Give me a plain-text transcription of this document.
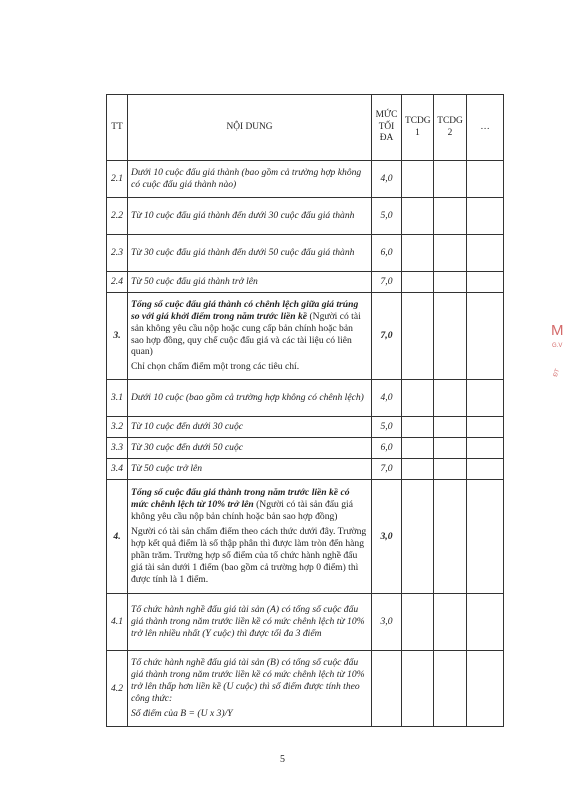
TT	NỘI DUNG	MỨC TỐI ĐA	TCDG 1	TCDG 2	…
2.1	Dưới 10 cuộc đấu giá thành (bao gồm cả trường hợp không có cuộc đấu giá thành nào)	4,0			
2.2	Từ 10 cuộc đấu giá thành đến dưới 30 cuộc đấu giá thành	5,0			
2.3	Từ 30 cuộc đấu giá thành đến dưới 50 cuộc đấu giá thành	6,0			
2.4	Từ 50 cuộc đấu giá thành trở lên	7,0			
3.	Tổng số cuộc đấu giá thành có chênh lệch giữa giá trúng so với giá khởi điểm trong năm trước liền kề (Người có tài sản không yêu cầu nộp hoặc cung cấp bản chính hoặc bản sao hợp đồng, quy chế cuộc đấu giá và các tài liệu có liên quan)

Chỉ chọn chấm điểm một trong các tiêu chí.	7,0			
3.1	Dưới 10 cuộc (bao gồm cả trường hợp không có chênh lệch)	4,0			
3.2	Từ 10 cuộc đến dưới 30 cuộc	5,0			
3.3	Từ 30 cuộc đến dưới 50 cuộc	6,0			
3.4	Từ 50 cuộc trở lên	7,0			
4.	Tổng số cuộc đấu giá thành trong năm trước liền kề có mức chênh lệch từ 10% trở lên (Người có tài sản đấu giá không yêu cầu nộp bản chính hoặc bản sao hợp đồng)

Người có tài sản chấm điểm theo cách thức dưới đây. Trường hợp kết quả điểm là số thập phân thì được làm tròn đến hàng phần trăm. Trường hợp số điểm của tổ chức hành nghề đấu giá tài sản dưới 1 điểm (bao gồm cả trường hợp 0 điểm) thì được tính là 1 điểm.	3,0			
4.1	Tổ chức hành nghề đấu giá tài sản (A) có tổng số cuộc đấu giá thành trong năm trước liền kề có mức chênh lệch từ 10% trở lên nhiều nhất (Y cuộc) thì được tối đa 3 điểm	3,0			
4.2	Tổ chức hành nghề đấu giá tài sản (B) có tổng số cuộc đấu giá thành trong năm trước liền kề có mức chênh lệch từ 10% trở lên thấp hơn liền kề (U cuộc) thì số điểm được tính theo công thức:

Số điểm của B = (U x 3)/Y				

5
M
G.V
ĐT
